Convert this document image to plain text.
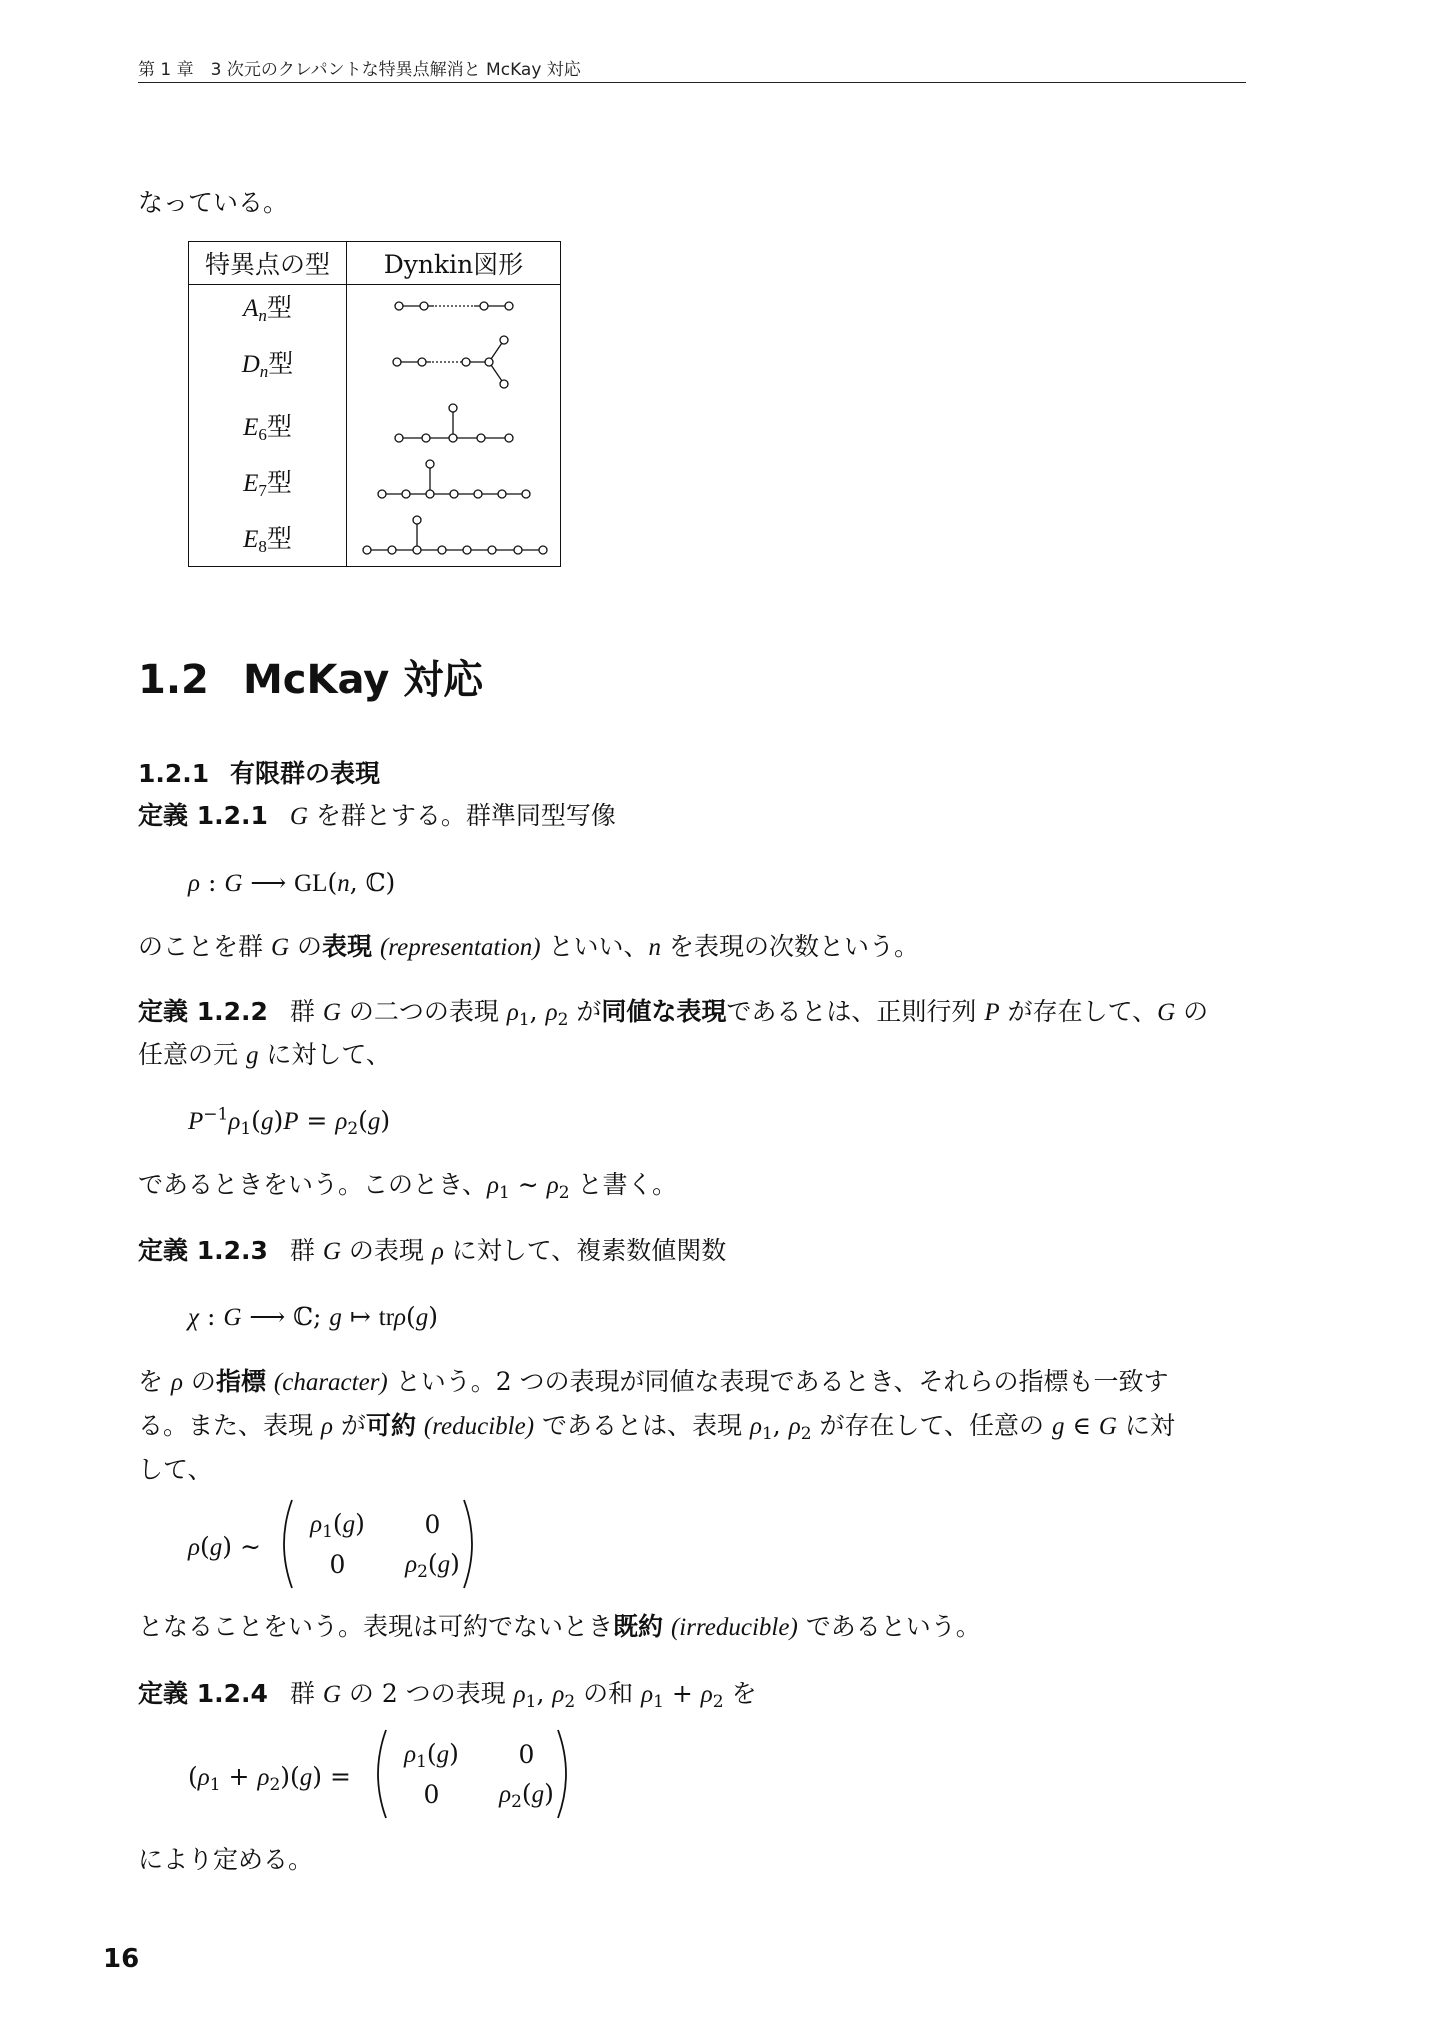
第 1 章　3 次元のクレパントな特異点解消と McKay 対応
なっている。
特異点の型	Dynkin図形
$A_n$型	

$D_n$型	

$E_6$型	

$E_7$型	

$E_8$型	
1.2 McKay 対応
1.2.1 有限群の表現
定義 1.2.1 G を群とする。群準同型写像
ρ : G ⟶ GL(n, ℂ)
のことを群 G の表現 (representation) といい、n を表現の次数という。
定義 1.2.2 群 G の二つの表現 $\rho_1$, $\rho_2$ が同値な表現であるとは、正則行列 P が存在して、G の
任意の元 g に対して、
$P^{-1}\rho_1(g)P = \rho_2(g)$
であるときをいう。このとき、$\rho_1$ ∼ $\rho_2$ と書く。
定義 1.2.3 群 G の表現 ρ に対して、複素数値関数
χ : G ⟶ ℂ; g ↦ trρ(g)
を ρ の指標 (character) という。2 つの表現が同値な表現であるとき、それらの指標も一致す
る。また、表現 ρ が可約 (reducible) であるとは、表現 $\rho_1$, $\rho_2$ が存在して、任意の g ∈ G に対
して、
ρ(g) ∼
$\rho_1(g)$	0
0	$\rho_2(g)$
となることをいう。表現は可約でないとき既約 (irreducible) であるという。
定義 1.2.4 群 G の 2 つの表現 $\rho_1$, $\rho_2$ の和 $\rho_1 + \rho_2$ を
$(\rho_1 + \rho_2)(g)$ =
$\rho_1(g)$	0
0	$\rho_2(g)$
により定める。
16
